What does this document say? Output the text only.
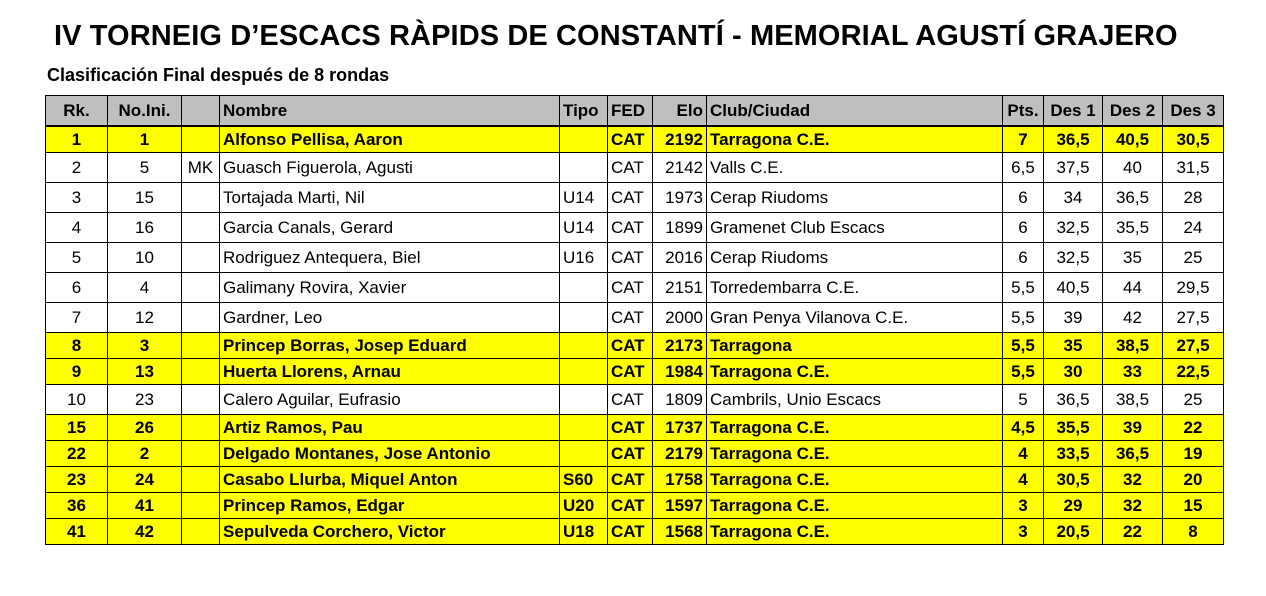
IV TORNEIG D’ESCACS RÀPIDS DE CONSTANTÍ - MEMORIAL AGUSTÍ GRAJERO
Clasificación Final después de 8 rondas
Rk.	No.Ini.		Nombre	Tipo	FED	Elo	Club/Ciudad	Pts.	Des 1	Des 2	Des 3
1	1		Alfonso Pellisa, Aaron		CAT	2192	Tarragona C.E.	7	36,5	40,5	30,5
2	5	MK	Guasch Figuerola, Agusti		CAT	2142	Valls C.E.	6,5	37,5	40	31,5
3	15		Tortajada Marti, Nil	U14	CAT	1973	Cerap Riudoms	6	34	36,5	28
4	16		Garcia Canals, Gerard	U14	CAT	1899	Gramenet Club Escacs	6	32,5	35,5	24
5	10		Rodriguez Antequera, Biel	U16	CAT	2016	Cerap Riudoms	6	32,5	35	25
6	4		Galimany Rovira, Xavier		CAT	2151	Torredembarra C.E.	5,5	40,5	44	29,5
7	12		Gardner, Leo		CAT	2000	Gran Penya Vilanova C.E.	5,5	39	42	27,5
8	3		Princep Borras, Josep Eduard		CAT	2173	Tarragona	5,5	35	38,5	27,5
9	13		Huerta Llorens, Arnau		CAT	1984	Tarragona C.E.	5,5	30	33	22,5
10	23		Calero Aguilar, Eufrasio		CAT	1809	Cambrils, Unio Escacs	5	36,5	38,5	25
15	26		Artiz Ramos, Pau		CAT	1737	Tarragona C.E.	4,5	35,5	39	22
22	2		Delgado Montanes, Jose Antonio		CAT	2179	Tarragona C.E.	4	33,5	36,5	19
23	24		Casabo Llurba, Miquel Anton	S60	CAT	1758	Tarragona C.E.	4	30,5	32	20
36	41		Princep Ramos, Edgar	U20	CAT	1597	Tarragona C.E.	3	29	32	15
41	42		Sepulveda Corchero, Victor	U18	CAT	1568	Tarragona C.E.	3	20,5	22	8
